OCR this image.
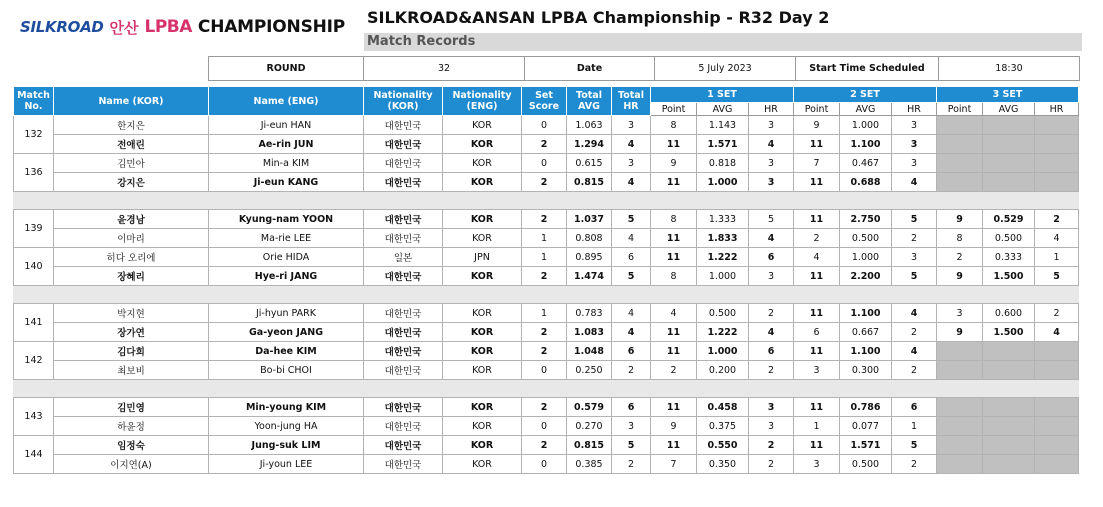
SILKROAD 안산 LPBA CHAMPIONSHIP SILKROAD&ANSAN LPBA Championship - R32 Day 2
Match Records
ROUND	32	Date	5 July 2023	Start Time Scheduled	18:30
Match No.	Name (KOR)	Name (ENG)	Nationality (KOR)	Nationality (ENG)	Set Score	Total AVG	Total HR	1 SET			2 SET			3 SET		
								Point	AVG	HR	Point	AVG	HR	Point	AVG	HR
132	한지은	Ji-eun HAN	대한민국	KOR	0	1.063	3	8	1.143	3	9	1.000	3			
	전애린	Ae-rin JUN	대한민국	KOR	2	1.294	4	11	1.571	4	11	1.100	3			
136	김민아	Min-a KIM	대한민국	KOR	0	0.615	3	9	0.818	3	7	0.467	3			
	강지은	Ji-eun KANG	대한민국	KOR	2	0.815	4	11	1.000	3	11	0.688	4			

139	윤경남	Kyung-nam YOON	대한민국	KOR	2	1.037	5	8	1.333	5	11	2.750	5	9	0.529	2
	이마리	Ma-rie LEE	대한민국	KOR	1	0.808	4	11	1.833	4	2	0.500	2	8	0.500	4
140	히다 오리에	Orie HIDA	일본	JPN	1	0.895	6	11	1.222	6	4	1.000	3	2	0.333	1
	장혜리	Hye-ri JANG	대한민국	KOR	2	1.474	5	8	1.000	3	11	2.200	5	9	1.500	5

141	박지현	Ji-hyun PARK	대한민국	KOR	1	0.783	4	4	0.500	2	11	1.100	4	3	0.600	2
	장가연	Ga-yeon JANG	대한민국	KOR	2	1.083	4	11	1.222	4	6	0.667	2	9	1.500	4
142	김다희	Da-hee KIM	대한민국	KOR	2	1.048	6	11	1.000	6	11	1.100	4			
	최보비	Bo-bi CHOI	대한민국	KOR	0	0.250	2	2	0.200	2	3	0.300	2			

143	김민영	Min-young KIM	대한민국	KOR	2	0.579	6	11	0.458	3	11	0.786	6			
	하윤정	Yoon-jung HA	대한민국	KOR	0	0.270	3	9	0.375	3	1	0.077	1			
144	임정숙	Jung-suk LIM	대한민국	KOR	2	0.815	5	11	0.550	2	11	1.571	5			
	이지연(A)	Ji-youn LEE	대한민국	KOR	0	0.385	2	7	0.350	2	3	0.500	2			
